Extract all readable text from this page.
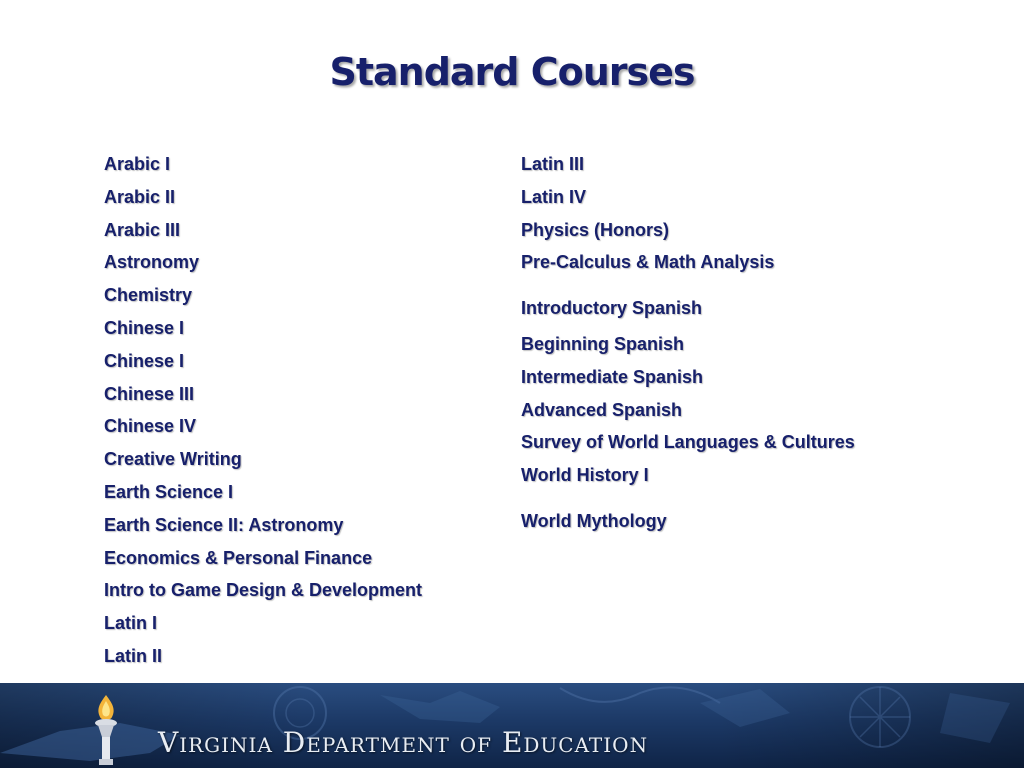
Standard Courses
Arabic I
Arabic II
Arabic III
Astronomy
Chemistry
Chinese I
Chinese I
Chinese III
Chinese IV
Creative Writing
Earth Science I
Earth Science II: Astronomy
Economics & Personal Finance
Intro to Game Design & Development
Latin I
Latin II
Latin III
Latin IV
Physics (Honors)
Pre-Calculus & Math Analysis
Introductory Spanish
Beginning Spanish
Intermediate Spanish
Advanced Spanish
Survey of World Languages & Cultures
World History I
World Mythology
Virginia Department of Education
